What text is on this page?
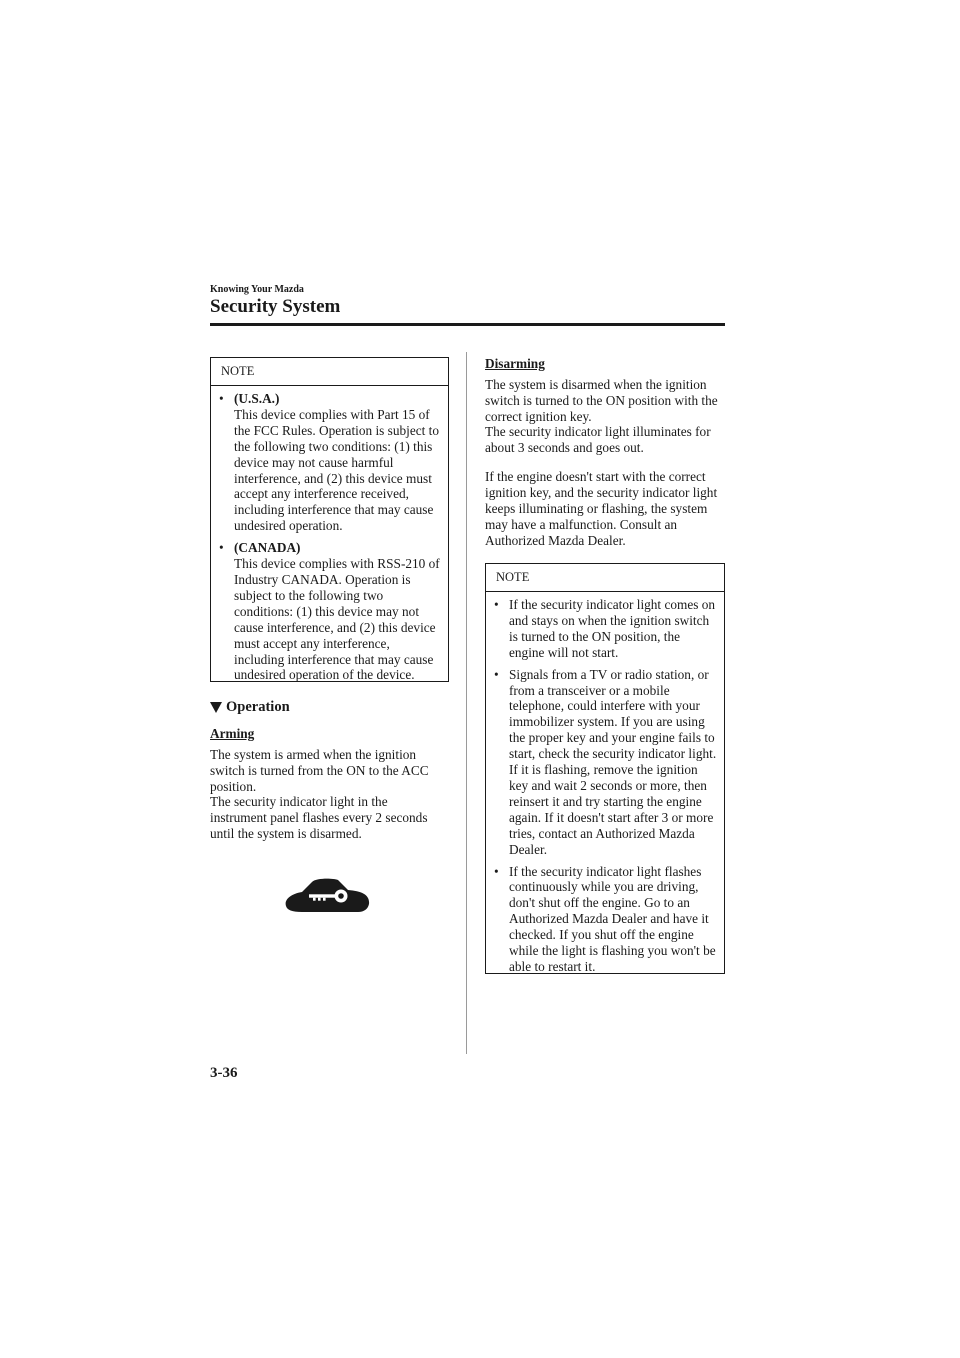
Knowing Your Mazda
Security System
NOTE
• (U.S.A.)
This device complies with Part 15 of the FCC Rules. Operation is subject to the following two conditions: (1) this device may not cause harmful interference, and (2) this device must accept any interference received, including interference that may cause undesired operation.
• (CANADA)
This device complies with RSS-210 of Industry CANADA. Operation is subject to the following two conditions: (1) this device may not cause interference, and (2) this device must accept any interference, including interference that may cause undesired operation of the device.
Operation
Arming

The system is armed when the ignition switch is turned from the ON to the ACC position.

The security indicator light in the instrument panel flashes every 2 seconds until the system is disarmed.

Disarming

The system is disarmed when the ignition switch is turned to the ON position with the correct ignition key.

The security indicator light illuminates for about 3 seconds and goes out.

If the engine doesn't start with the correct ignition key, and the security indicator light keeps illuminating or flashing, the system may have a malfunction. Consult an Authorized Mazda Dealer.

NOTE
• If the security indicator light comes on and stays on when the ignition switch is turned to the ON position, the engine will not start.
• Signals from a TV or radio station, or from a transceiver or a mobile telephone, could interfere with your immobilizer system. If you are using the proper key and your engine fails to start, check the security indicator light. If it is flashing, remove the ignition key and wait 2 seconds or more, then reinsert it and try starting the engine again. If it doesn't start after 3 or more tries, contact an Authorized Mazda Dealer.
• If the security indicator light flashes continuously while you are driving, don't shut off the engine. Go to an Authorized Mazda Dealer and have it checked. If you shut off the engine while the light is flashing you won't be able to restart it.
3-36
